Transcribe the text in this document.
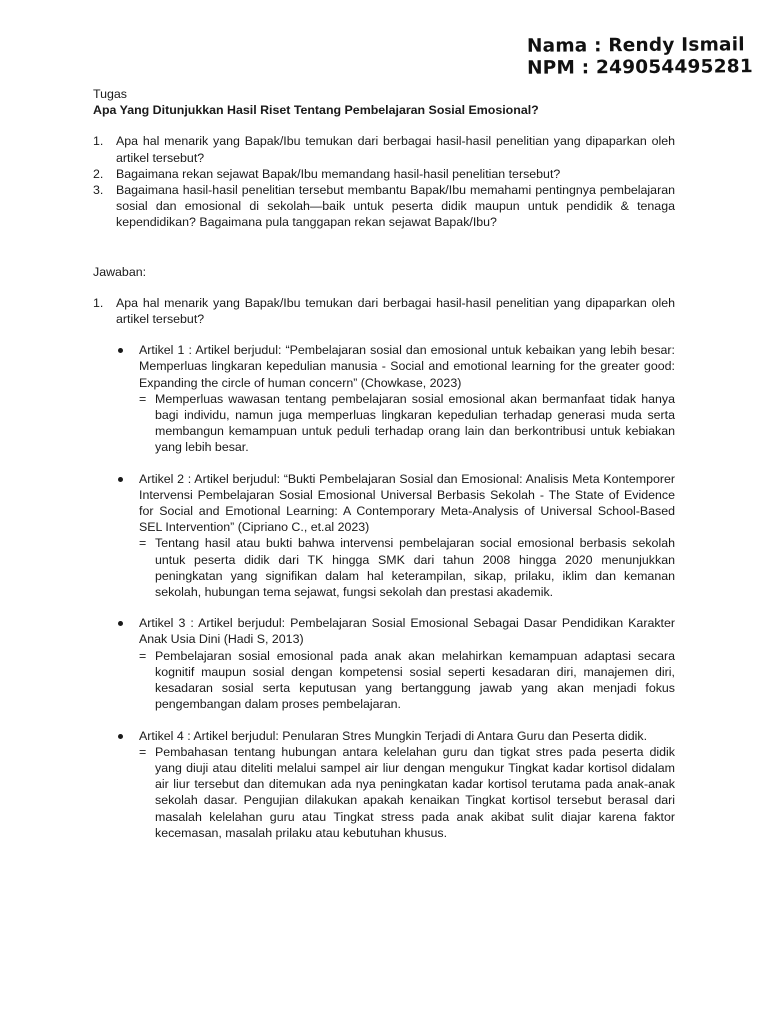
Nama : Rendy Ismail
NPM : 249054495281
Tugas
Apa Yang Ditunjukkan Hasil Riset Tentang Pembelajaran Sosial Emosional?
1. Apa hal menarik yang Bapak/Ibu temukan dari berbagai hasil-hasil penelitian yang dipaparkan oleh artikel tersebut?
2. Bagaimana rekan sejawat Bapak/Ibu memandang hasil-hasil penelitian tersebut?
3. Bagaimana hasil-hasil penelitian tersebut membantu Bapak/Ibu memahami pentingnya pembelajaran sosial dan emosional di sekolah—baik untuk peserta didik maupun untuk pendidik & tenaga kependidikan? Bagaimana pula tanggapan rekan sejawat Bapak/Ibu?
Jawaban:
1. Apa hal menarik yang Bapak/Ibu temukan dari berbagai hasil-hasil penelitian yang dipaparkan oleh artikel tersebut?
Artikel 1 : Artikel berjudul: “Pembelajaran sosial dan emosional untuk kebaikan yang lebih besar: Memperluas lingkaran kepedulian manusia - Social and emotional learning for the greater good: Expanding the circle of human concern” (Chowkase, 2023)
= Memperluas wawasan tentang pembelajaran sosial emosional akan bermanfaat tidak hanya bagi individu, namun juga memperluas lingkaran kepedulian terhadap generasi muda serta membangun kemampuan untuk peduli terhadap orang lain dan berkontribusi untuk kebiakan yang lebih besar.
Artikel 2 : Artikel berjudul: “Bukti Pembelajaran Sosial dan Emosional: Analisis Meta Kontemporer Intervensi Pembelajaran Sosial Emosional Universal Berbasis Sekolah - The State of Evidence for Social and Emotional Learning: A Contemporary Meta-Analysis of Universal School-Based SEL Intervention” (Cipriano C., et.al 2023)
= Tentang hasil atau bukti bahwa intervensi pembelajaran social emosional berbasis sekolah untuk peserta didik dari TK hingga SMK dari tahun 2008 hingga 2020 menunjukkan peningkatan yang signifikan dalam hal keterampilan, sikap, prilaku, iklim dan kemanan sekolah, hubungan tema sejawat, fungsi sekolah dan prestasi akademik.
Artikel 3 : Artikel berjudul: Pembelajaran Sosial Emosional Sebagai Dasar Pendidikan Karakter Anak Usia Dini (Hadi S, 2013)
= Pembelajaran sosial emosional pada anak akan melahirkan kemampuan adaptasi secara kognitif maupun sosial dengan kompetensi sosial seperti kesadaran diri, manajemen diri, kesadaran sosial serta keputusan yang bertanggung jawab yang akan menjadi fokus pengembangan dalam proses pembelajaran.
Artikel 4 : Artikel berjudul: Penularan Stres Mungkin Terjadi di Antara Guru dan Peserta didik.
= Pembahasan tentang hubungan antara kelelahan guru dan tigkat stres pada peserta didik yang diuji atau diteliti melalui sampel air liur dengan mengukur Tingkat kadar kortisol didalam air liur tersebut dan ditemukan ada nya peningkatan kadar kortisol terutama pada anak-anak sekolah dasar. Pengujian dilakukan apakah kenaikan Tingkat kortisol tersebut berasal dari masalah kelelahan guru atau Tingkat stress pada anak akibat sulit diajar karena faktor kecemasan, masalah prilaku atau kebutuhan khusus.
